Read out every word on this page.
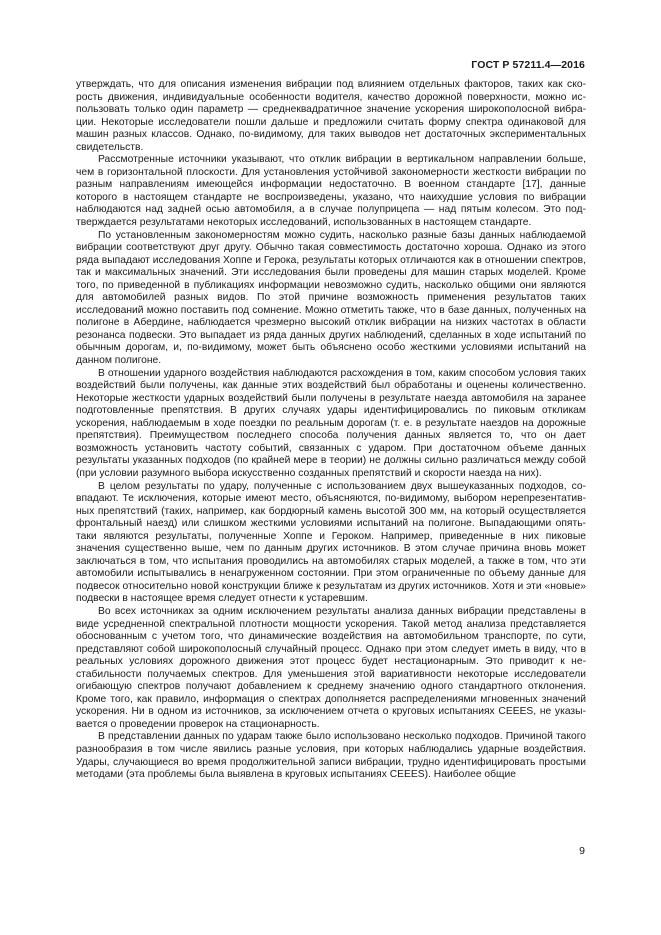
ГОСТ Р 57211.4—2016

утверждать, что для описания изменения вибрации под влиянием отдельных факторов, таких как скорость движения, индивидуальные особенности водителя, качество дорожной поверхности, можно использовать только один параметр — среднеквадратичное значение ускорения широкополосной вибрации. Некоторые исследователи пошли дальше и предложили считать форму спектра одинаковой для машин разных классов. Однако, по-видимому, для таких выводов нет достаточных экспериментальных свидетельств.

Рассмотренные источники указывают, что отклик вибрации в вертикальном направлении больше, чем в горизонтальной плоскости. Для установления устойчивой закономерности жесткости вибрации по разным направлениям имеющейся информации недостаточно. В военном стандарте [17], данные которого в настоящем стандарте не воспроизведены, указано, что наихудшие условия по вибрации наблюдаются над задней осью автомобиля, а в случае полуприцепа — над пятым колесом. Это подтверждается результатами некоторых исследований, использованных в настоящем стандарте.

По установленным закономерностям можно судить, насколько разные базы данных наблюдаемой вибрации соответствуют друг другу. Обычно такая совместимость достаточно хороша. Однако из этого ряда выпадают исследования Хоппе и Герока, результаты которых отличаются как в отношении спектров, так и максимальных значений. Эти исследования были проведены для машин старых моделей. Кроме того, по приведенной в публикациях информации невозможно судить, насколько общими они являются для автомобилей разных видов. По этой причине возможность применения результатов таких исследований можно поставить под сомнение. Можно отметить также, что в базе данных, полученных на полигоне в Абердине, наблюдается чрезмерно высокий отклик вибрации на низких частотах в области резонанса подвески. Это выпадает из ряда данных других наблюдений, сделанных в ходе испытаний по обычным дорогам, и, по-видимому, может быть объяснено особо жесткими условиями испытаний на данном полигоне.

В отношении ударного воздействия наблюдаются расхождения в том, каким способом условия таких воздействий были получены, как данные этих воздействий был обработаны и оценены количественно. Некоторые жесткости ударных воздействий были получены в результате наезда автомобиля на заранее подготовленные препятствия. В других случаях удары идентифицировались по пиковым откликам ускорения, наблюдаемым в ходе поездки по реальным дорогам (т. е. в результате наездов на дорожные препятствия). Преимуществом последнего способа получения данных является то, что он дает возможность установить частоту событий, связанных с ударом. При достаточном объеме данных результаты указанных подходов (по крайней мере в теории) не должны сильно различаться между собой (при условии разумного выбора искусственно созданных препятствий и скорости наезда на них).

В целом результаты по удару, полученные с использованием двух вышеуказанных подходов, совпадают. Те исключения, которые имеют место, объясняются, по-видимому, выбором нерепрезентативных препятствий (таких, например, как бордюрный камень высотой 300 мм, на который осуществляется фронтальный наезд) или слишком жесткими условиями испытаний на полигоне. Выпадающими опять-таки являются результаты, полученные Хоппе и Героком. Например, приведенные в них пиковые значения существенно выше, чем по данным других источников. В этом случае причина вновь может заключаться в том, что испытания проводились на автомобилях старых моделей, а также в том, что эти автомобили испытывались в ненагруженном состоянии. При этом ограниченные по объему данные для подвесок относительно новой конструкции ближе к результатам из других источников. Хотя и эти «новые» подвески в настоящее время следует отнести к устаревшим.

Во всех источниках за одним исключением результаты анализа данных вибрации представлены в виде усредненной спектральной плотности мощности ускорения. Такой метод анализа представляется обоснованным с учетом того, что динамические воздействия на автомобильном транспорте, по сути, представляют собой широкополосный случайный процесс. Однако при этом следует иметь в виду, что в реальных условиях дорожного движения этот процесс будет нестационарным. Это приводит к нестабильности получаемых спектров. Для уменьшения этой вариативности некоторые исследователи огибающую спектров получают добавлением к среднему значению одного стандартного отклонения. Кроме того, как правило, информация о спектрах дополняется распределениями мгновенных значений ускорения. Ни в одном из источников, за исключением отчета о круговых испытаниях CEEES, не указывается о проведении проверок на стационарность.

В представлении данных по ударам также было использовано несколько подходов. Причиной такого разнообразия в том числе явились разные условия, при которых наблюдались ударные воздействия. Удары, случающиеся во время продолжительной записи вибрации, трудно идентифицировать простыми методами (эта проблемы была выявлена в круговых испытаниях CEEES). Наиболее общие

9
